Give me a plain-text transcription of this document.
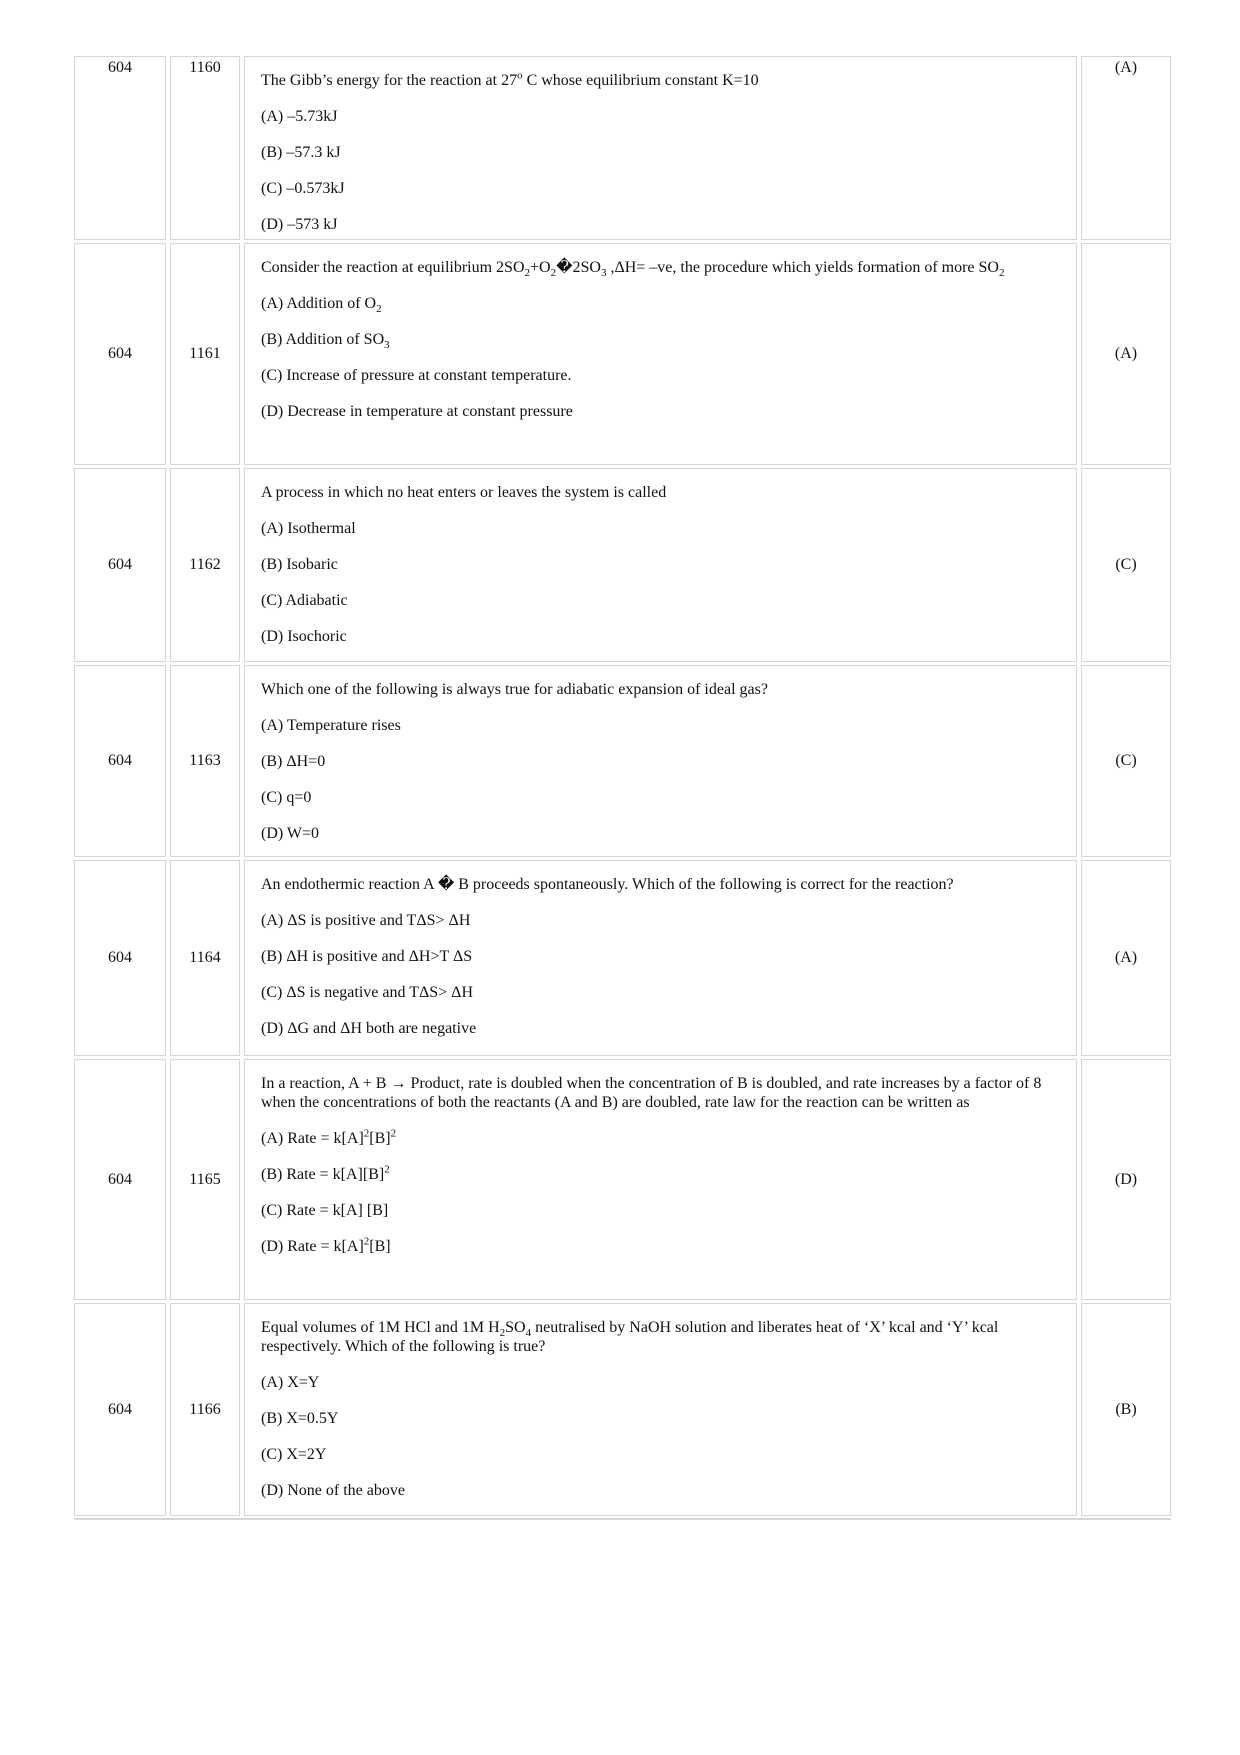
604	1160
The Gibb’s energy for the reaction at 27$^o$ C whose equilibrium constant K=10
(A) –5.73kJ
(B) –57.3 kJ
(C) –0.573kJ
(D) –573 kJ
(A)
604	1161
Consider the reaction at equilibrium $2SO_2+O_2�2SO_3$ ,ΔH= –ve, the procedure which yields formation of more $SO_2$
(A) Addition of $O_2$
(B) Addition of $SO_3$
(C) Increase of pressure at constant temperature.
(D) Decrease in temperature at constant pressure
(A)
604	1162
A process in which no heat enters or leaves the system is called
(A) Isothermal
(B) Isobaric
(C) Adiabatic
(D) Isochoric
(C)
604	1163
Which one of the following is always true for adiabatic expansion of ideal gas?
(A) Temperature rises
(B) ΔH=0
(C) q=0
(D) W=0
(C)
604	1164
An endothermic reaction A � B proceeds spontaneously. Which of the following is correct for the reaction?
(A) ΔS is positive and TΔS> ΔH
(B) ΔH is positive and ΔH>T ΔS
(C) ΔS is negative and TΔS> ΔH
(D) ΔG and ΔH both are negative
(A)
604	1165
In a reaction, A + B → Product, rate is doubled when the concentration of B is doubled, and rate increases by a factor of 8 when the concentrations of both the reactants (A and B) are doubled, rate law for the reaction can be written as
(A) Rate = $k[A]^2[B]^2$
(B) Rate = $k[A][B]^2$
(C) Rate = k[A] [B]
(D) Rate = $k[A]^2[B]$
(D)
604	1166
Equal volumes of 1M HCl and 1M $H_2SO_4$ neutralised by NaOH solution and liberates heat of ‘X’ kcal and ‘Y’ kcal respectively. Which of the following is true?
(A) X=Y
(B) X=0.5Y
(C) X=2Y
(D) None of the above
(B)
